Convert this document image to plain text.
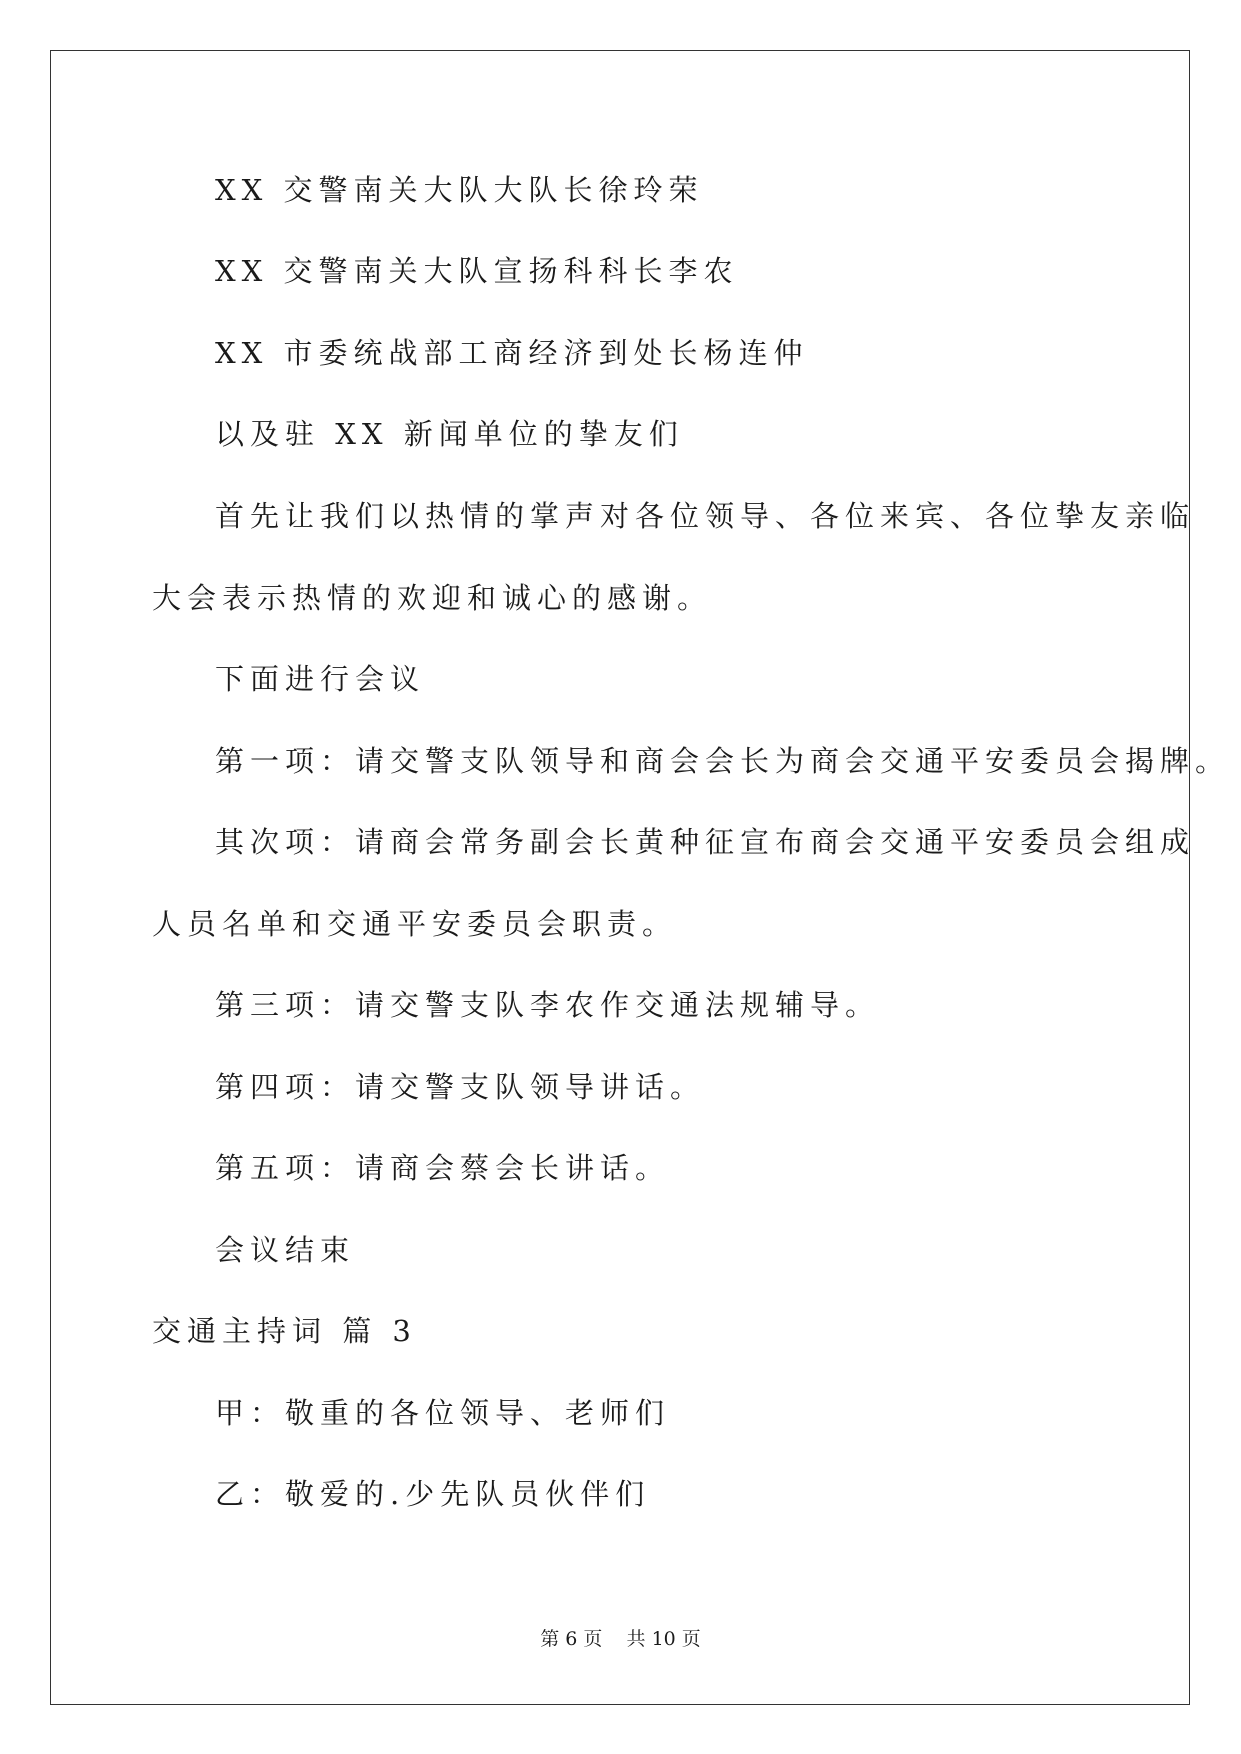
XX 交警南关大队大队长徐玲荣
XX 交警南关大队宣扬科科长李农
XX 市委统战部工商经济到处长杨连仲
以及驻 XX 新闻单位的挚友们
首先让我们以热情的掌声对各位领导、各位来宾、各位挚友亲临
大会表示热情的欢迎和诚心的感谢。
下面进行会议
第一项：请交警支队领导和商会会长为商会交通平安委员会揭牌。
其次项：请商会常务副会长黄种征宣布商会交通平安委员会组成
人员名单和交通平安委员会职责。
第三项：请交警支队李农作交通法规辅导。
第四项：请交警支队领导讲话。
第五项：请商会蔡会长讲话。
会议结束
交通主持词 篇 3
甲：敬重的各位领导、老师们
乙：敬爱的.少先队员伙伴们
第 6 页    共 10 页
